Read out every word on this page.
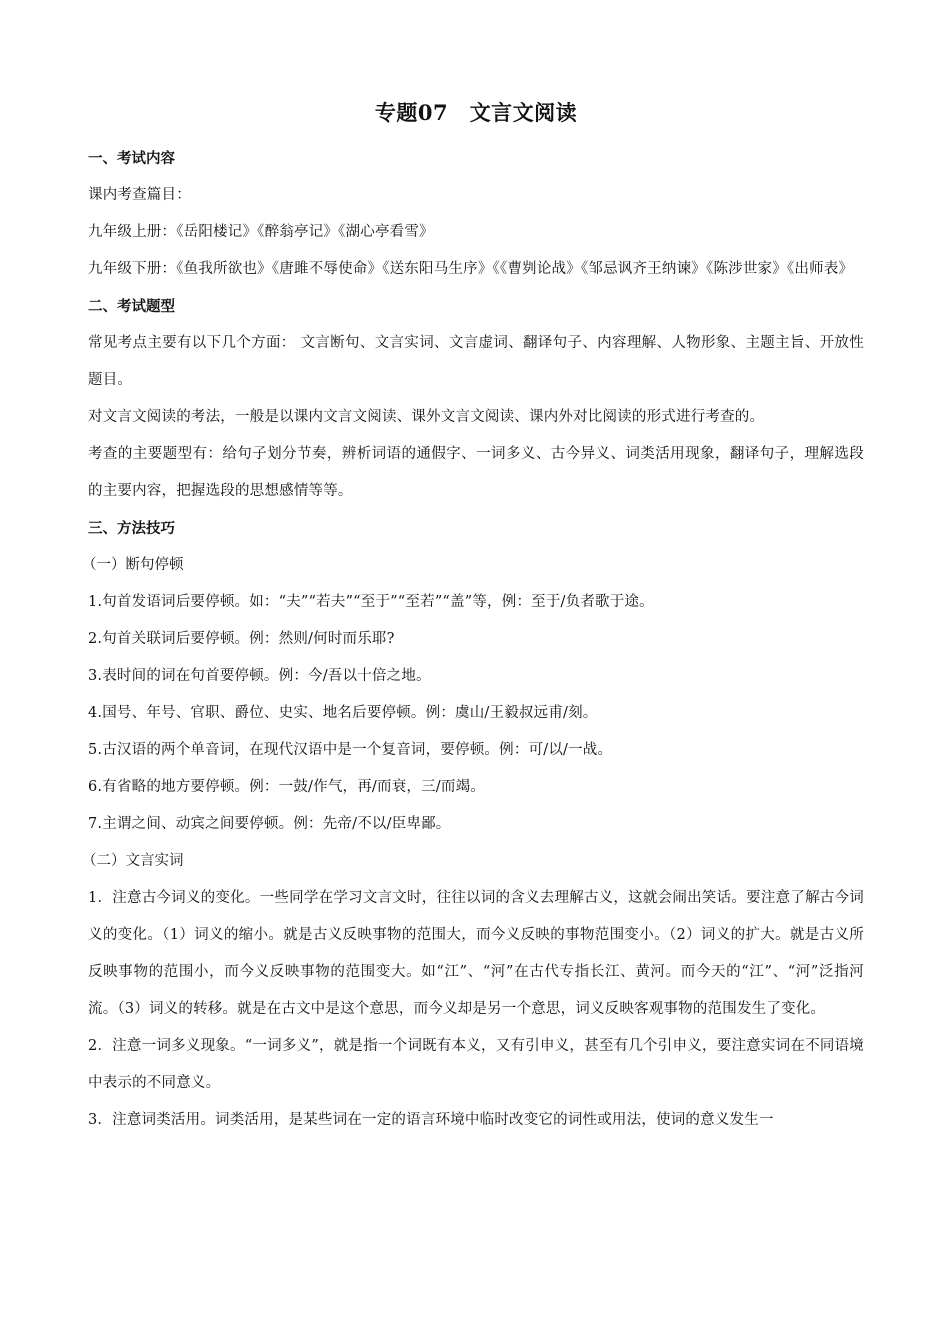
专题07　文言文阅读

一、考试内容

课内考查篇目：

九年级上册：《岳阳楼记》《醉翁亭记》《湖心亭看雪》

九年级下册：《鱼我所欲也》《唐雎不辱使命》《送东阳马生序》《《曹刿论战》《邹忌讽齐王纳谏》《陈涉世家》《出师表》

二、考试题型

常见考点主要有以下几个方面： 文言断句、文言实词、文言虚词、翻译句子、内容理解、人物形象、主题主旨、开放性题目。

对文言文阅读的考法，一般是以课内文言文阅读、课外文言文阅读、课内外对比阅读的形式进行考查的。

考查的主要题型有：给句子划分节奏，辨析词语的通假字、一词多义、古今异义、词类活用现象，翻译句子，理解选段的主要内容，把握选段的思想感情等等。

三、方法技巧

（一）断句停顿

1.句首发语词后要停顿。如：“夫”“若夫”“至于”“至若”“盖”等，例：至于/负者歌于途。

2.句首关联词后要停顿。例：然则/何时而乐耶?

3.表时间的词在句首要停顿。例：今/吾以十倍之地。

4.国号、年号、官职、爵位、史实、地名后要停顿。例：虞山/王毅叔远甫/刻。

5.古汉语的两个单音词，在现代汉语中是一个复音词，要停顿。例：可/以/一战。

6.有省略的地方要停顿。例：一鼓/作气，再/而衰，三/而竭。

7.主谓之间、动宾之间要停顿。例：先帝/不以/臣卑鄙。

（二）文言实词

1．注意古今词义的变化。一些同学在学习文言文时，往往以词的含义去理解古义，这就会闹出笑话。要注意了解古今词义的变化。（1）词义的缩小。就是古义反映事物的范围大，而今义反映的事物范围变小。（2）词义的扩大。就是古义所反映事物的范围小，而今义反映事物的范围变大。如“江”、“河”在古代专指长江、黄河。而今天的“江”、“河”泛指河流。（3）词义的转移。就是在古文中是这个意思，而今义却是另一个意思，词义反映客观事物的范围发生了变化。

2．注意一词多义现象。“一词多义”，就是指一个词既有本义，又有引申义，甚至有几个引申义，要注意实词在不同语境中表示的不同意义。

3．注意词类活用。词类活用，是某些词在一定的语言环境中临时改变它的词性或用法，使词的意义发生一
